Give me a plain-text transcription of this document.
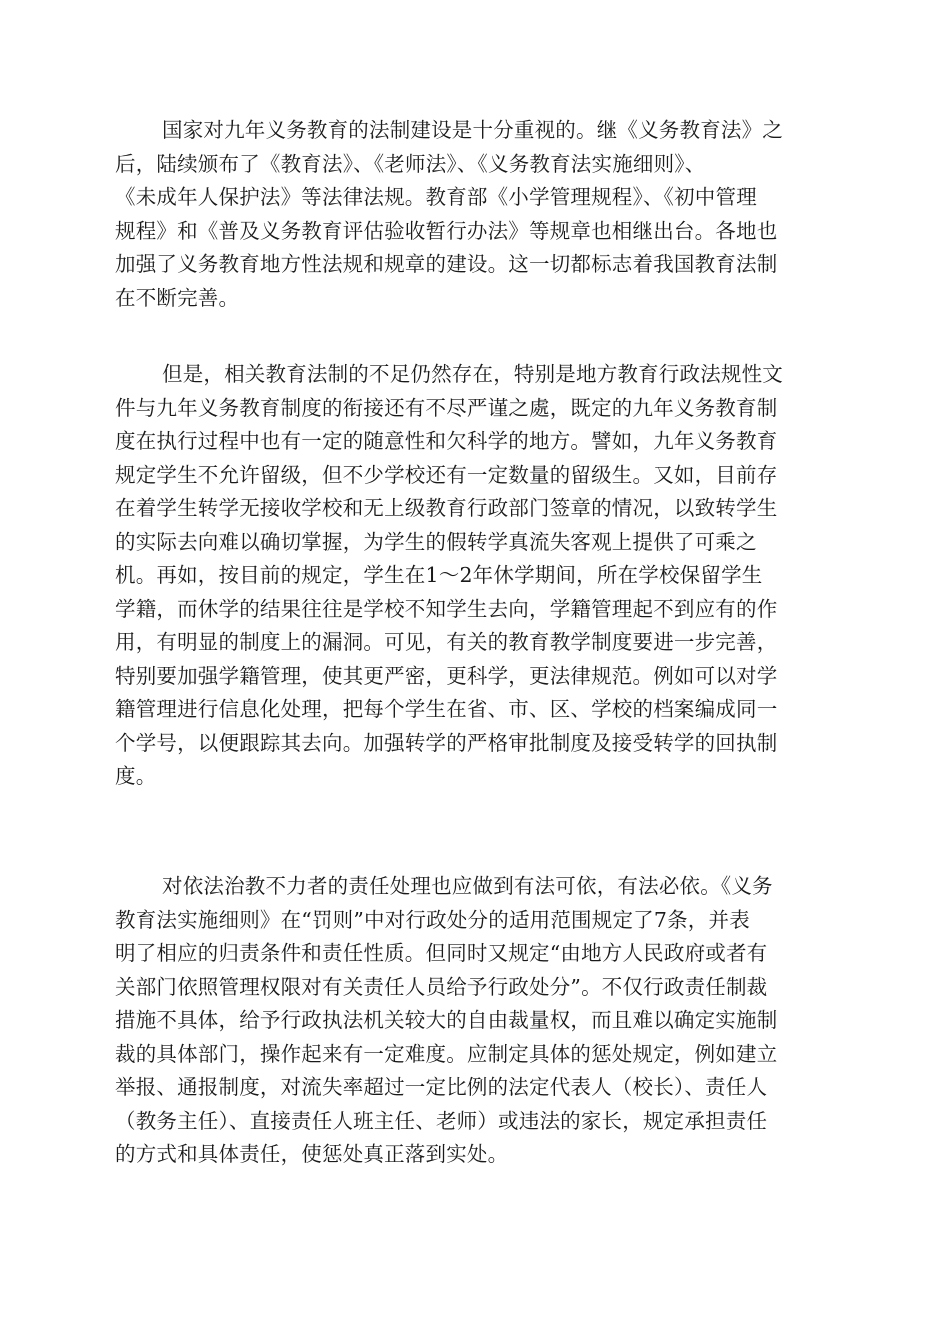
国家对九年义务教育的法制建设是十分重视的。继《义务教育法》之
后，陆续颁布了《教育法》、《老师法》、《义务教育法实施细则》、
《未成年人保护法》等法律法规。教育部《小学管理规程》、《初中管理
规程》和《普及义务教育评估验收暂行办法》等规章也相继出台。各地也
加强了义务教育地方性法规和规章的建设。这一切都标志着我国教育法制
在不断完善。

但是，相关教育法制的不足仍然存在，特别是地方教育行政法规性文
件与九年义务教育制度的衔接还有不尽严谨之處，既定的九年义务教育制
度在执行过程中也有一定的随意性和欠科学的地方。譬如，九年义务教育
规定学生不允许留级，但不少学校还有一定数量的留级生。又如，目前存
在着学生转学无接收学校和无上级教育行政部门签章的情况，以致转学生
的实际去向难以确切掌握，为学生的假转学真流失客观上提供了可乘之
机。再如，按目前的规定，学生在1～2年休学期间，所在学校保留学生
学籍，而休学的结果往往是学校不知学生去向，学籍管理起不到应有的作
用，有明显的制度上的漏洞。可见，有关的教育教学制度要进一步完善，
特别要加强学籍管理，使其更严密，更科学，更法律规范。例如可以对学
籍管理进行信息化处理，把每个学生在省、市、区、学校的档案编成同一
个学号，以便跟踪其去向。加强转学的严格审批制度及接受转学的回执制
度。

对依法治教不力者的责任处理也应做到有法可依，有法必依。《义务
教育法实施细则》在“罚则”中对行政处分的适用范围规定了7条，并表
明了相应的归责条件和责任性质。但同时又规定“由地方人民政府或者有
关部门依照管理权限对有关责任人员给予行政处分”。不仅行政责任制裁
措施不具体，给予行政执法机关较大的自由裁量权，而且难以确定实施制
裁的具体部门，操作起来有一定难度。应制定具体的惩处规定，例如建立
举报、通报制度，对流失率超过一定比例的法定代表人（校长）、责任人
（教务主任）、直接责任人班主任、老师）或违法的家长，规定承担责任
的方式和具体责任，使惩处真正落到实处。
